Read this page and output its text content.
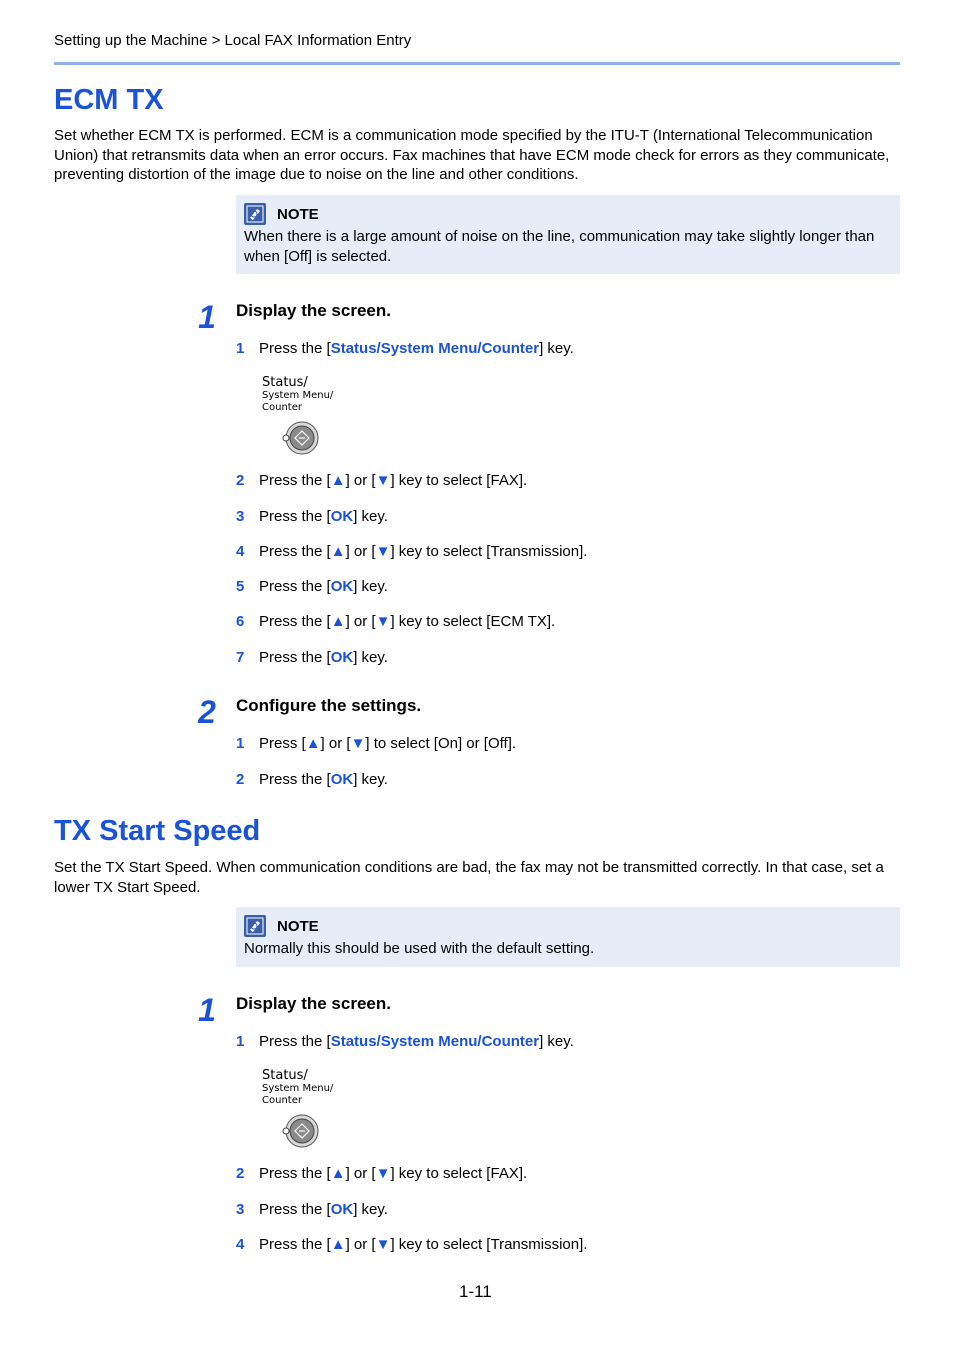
Setting up the Machine > Local FAX Information Entry
ECM TX

Set whether ECM TX is performed. ECM is a communication mode specified by the ITU-T (International Telecommunication Union) that retransmits data when an error occurs. Fax machines that have ECM mode check for errors as they communicate, preventing distortion of the image due to noise on the line and other conditions.

NOTE
When there is a large amount of noise on the line, communication may take slightly longer than when [Off] is selected.
1 Display the screen.
1 Press the [Status/System Menu/Counter] key.
Status/
System Menu/
Counter
2 Press the [▲] or [▼] key to select [FAX].
3 Press the [OK] key.
4 Press the [▲] or [▼] key to select [Transmission].
5 Press the [OK] key.
6 Press the [▲] or [▼] key to select [ECM TX].
7 Press the [OK] key.
2 Configure the settings.
1 Press [▲] or [▼] to select [On] or [Off].
2 Press the [OK] key.
TX Start Speed

Set the TX Start Speed. When communication conditions are bad, the fax may not be transmitted correctly. In that case, set a lower TX Start Speed.

NOTE
Normally this should be used with the default setting.
1 Display the screen.
1 Press the [Status/System Menu/Counter] key.
Status/
System Menu/
Counter
2 Press the [▲] or [▼] key to select [FAX].
3 Press the [OK] key.
4 Press the [▲] or [▼] key to select [Transmission].
1-11
